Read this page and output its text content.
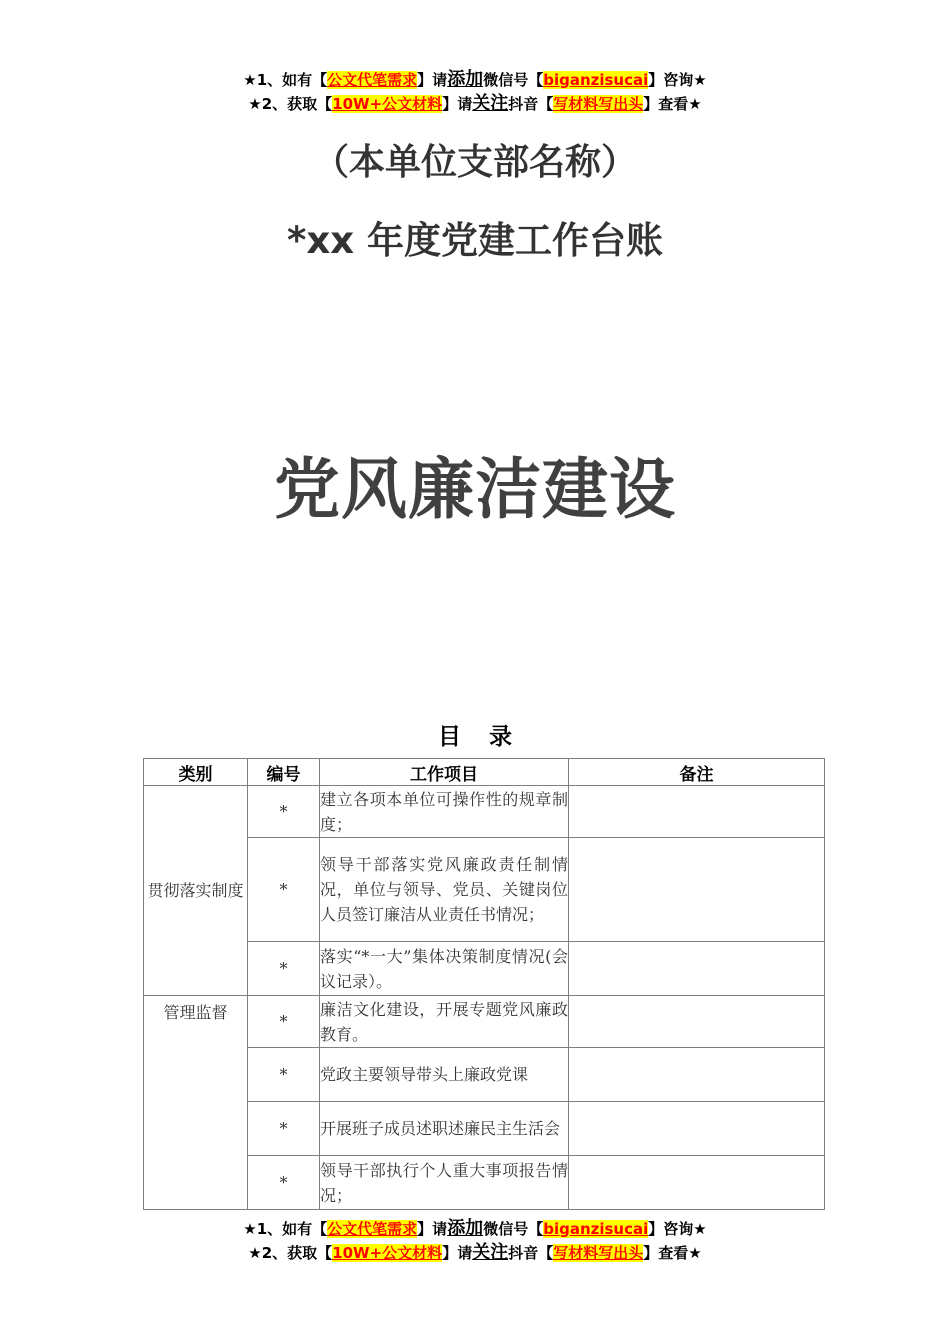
★1、如有【公文代笔需求】请添加微信号【biganzisucai】咨询★
★2、获取【10W+公文材料】请关注抖音【写材料写出头】查看★
（本单位支部名称）
*xx 年度党建工作台账
党风廉洁建设
目 录
类别	编号	工作项目	备注
贯彻落实制度	*	建立各项本单位可操作性的规章制度；	
	*	领导干部落实党风廉政责任制情况，单位与领导、党员、关键岗位人员签订廉洁从业责任书情况；	
	*	落实“*一大”集体决策制度情况(会议记录）。	
管理监督	*	廉洁文化建设，开展专题党风廉政教育。	
	*	党政主要领导带头上廉政党课	
	*	开展班子成员述职述廉民主生活会	
	*	领导干部执行个人重大事项报告情况；	
★1、如有【公文代笔需求】请添加微信号【biganzisucai】咨询★
★2、获取【10W+公文材料】请关注抖音【写材料写出头】查看★
